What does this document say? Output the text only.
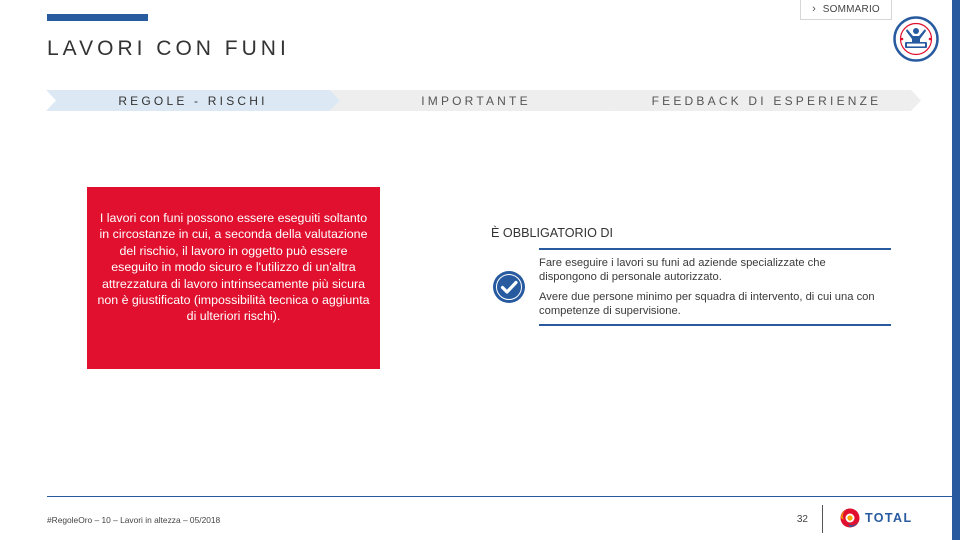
› SOMMARIO
LAVORI CON FUNI
REGOLE - RISCHI	IMPORTANTE	FEEDBACK DI ESPERIENZE

I lavori con funi possono essere eseguiti soltanto in circostanze in cui, a seconda della valutazione del rischio, il lavoro in oggetto può essere eseguito in modo sicuro e l'utilizzo di un'altra attrezzatura di lavoro intrinsecamente più sicura non è giustificato (impossibilità tecnica o aggiunta di ulteriori rischi).

È OBBLIGATORIO DI
Fare eseguire i lavori su funi ad aziende specializzate che dispongono di personale autorizzato.
Avere due persone minimo per squadra di intervento, di cui una con competenze di supervisione.
#RegoleOro – 10 – Lavori in altezza – 05/2018	32	TOTAL
